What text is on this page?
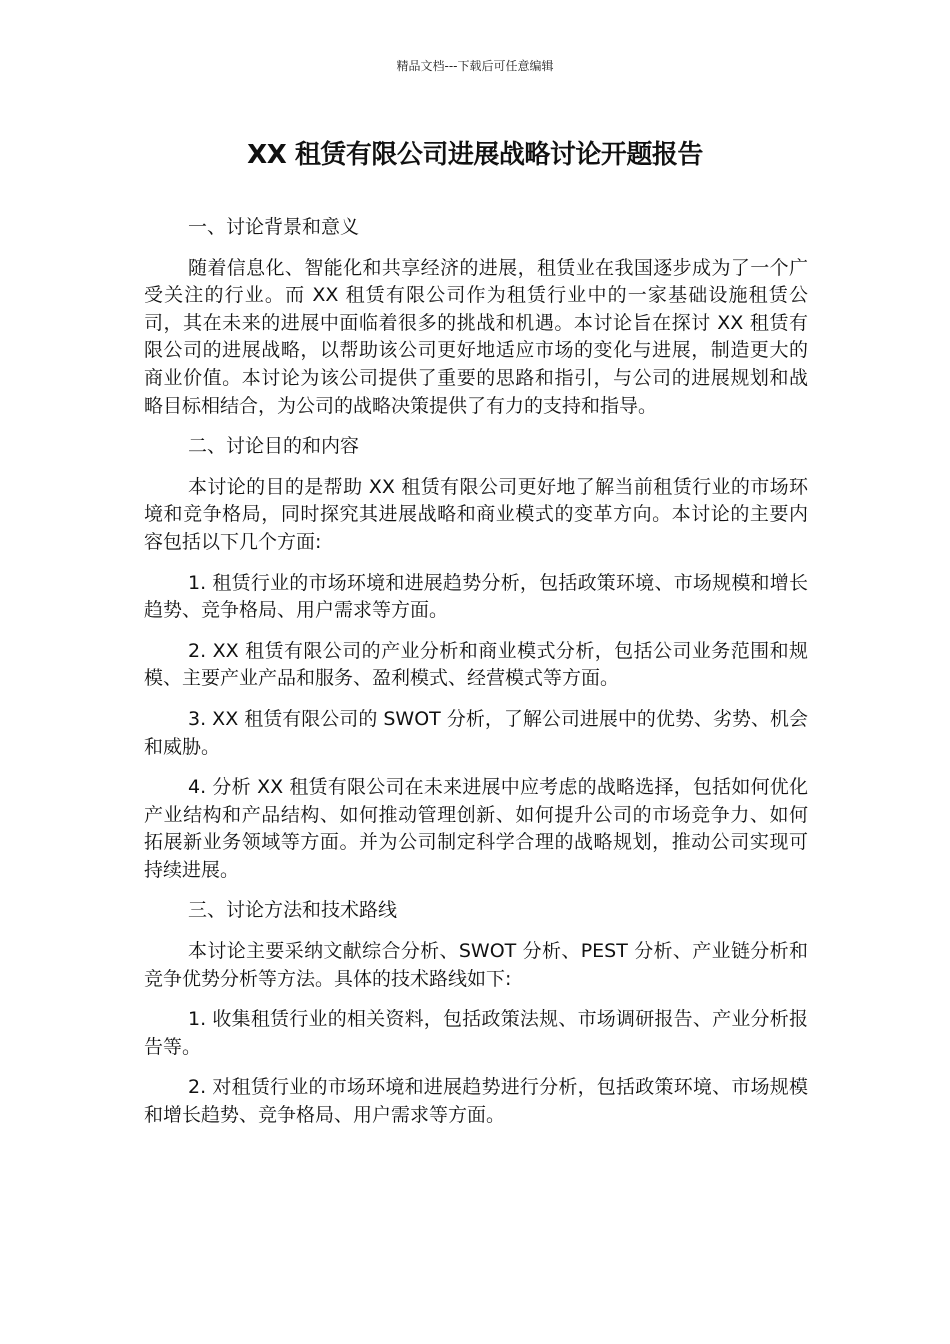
精品文档---下载后可任意编辑
XX 租赁有限公司进展战略讨论开题报告

一、讨论背景和意义

随着信息化、智能化和共享经济的进展，租赁业在我国逐步成为了一个广受关注的行业。而 XX 租赁有限公司作为租赁行业中的一家基础设施租赁公司，其在未来的进展中面临着很多的挑战和机遇。本讨论旨在探讨 XX 租赁有限公司的进展战略，以帮助该公司更好地适应市场的变化与进展，制造更大的商业价值。本讨论为该公司提供了重要的思路和指引，与公司的进展规划和战略目标相结合，为公司的战略决策提供了有力的支持和指导。

二、讨论目的和内容

本讨论的目的是帮助 XX 租赁有限公司更好地了解当前租赁行业的市场环境和竞争格局，同时探究其进展战略和商业模式的变革方向。本讨论的主要内容包括以下几个方面:

1. 租赁行业的市场环境和进展趋势分析，包括政策环境、市场规模和增长趋势、竞争格局、用户需求等方面。

2. XX 租赁有限公司的产业分析和商业模式分析，包括公司业务范围和规模、主要产业产品和服务、盈利模式、经营模式等方面。

3. XX 租赁有限公司的 SWOT 分析，了解公司进展中的优势、劣势、机会和威胁。

4. 分析 XX 租赁有限公司在未来进展中应考虑的战略选择，包括如何优化产业结构和产品结构、如何推动管理创新、如何提升公司的市场竞争力、如何拓展新业务领域等方面。并为公司制定科学合理的战略规划，推动公司实现可持续进展。

三、讨论方法和技术路线

本讨论主要采纳文献综合分析、SWOT 分析、PEST 分析、产业链分析和竞争优势分析等方法。具体的技术路线如下:

1. 收集租赁行业的相关资料，包括政策法规、市场调研报告、产业分析报告等。

2. 对租赁行业的市场环境和进展趋势进行分析，包括政策环境、市场规模和增长趋势、竞争格局、用户需求等方面。
